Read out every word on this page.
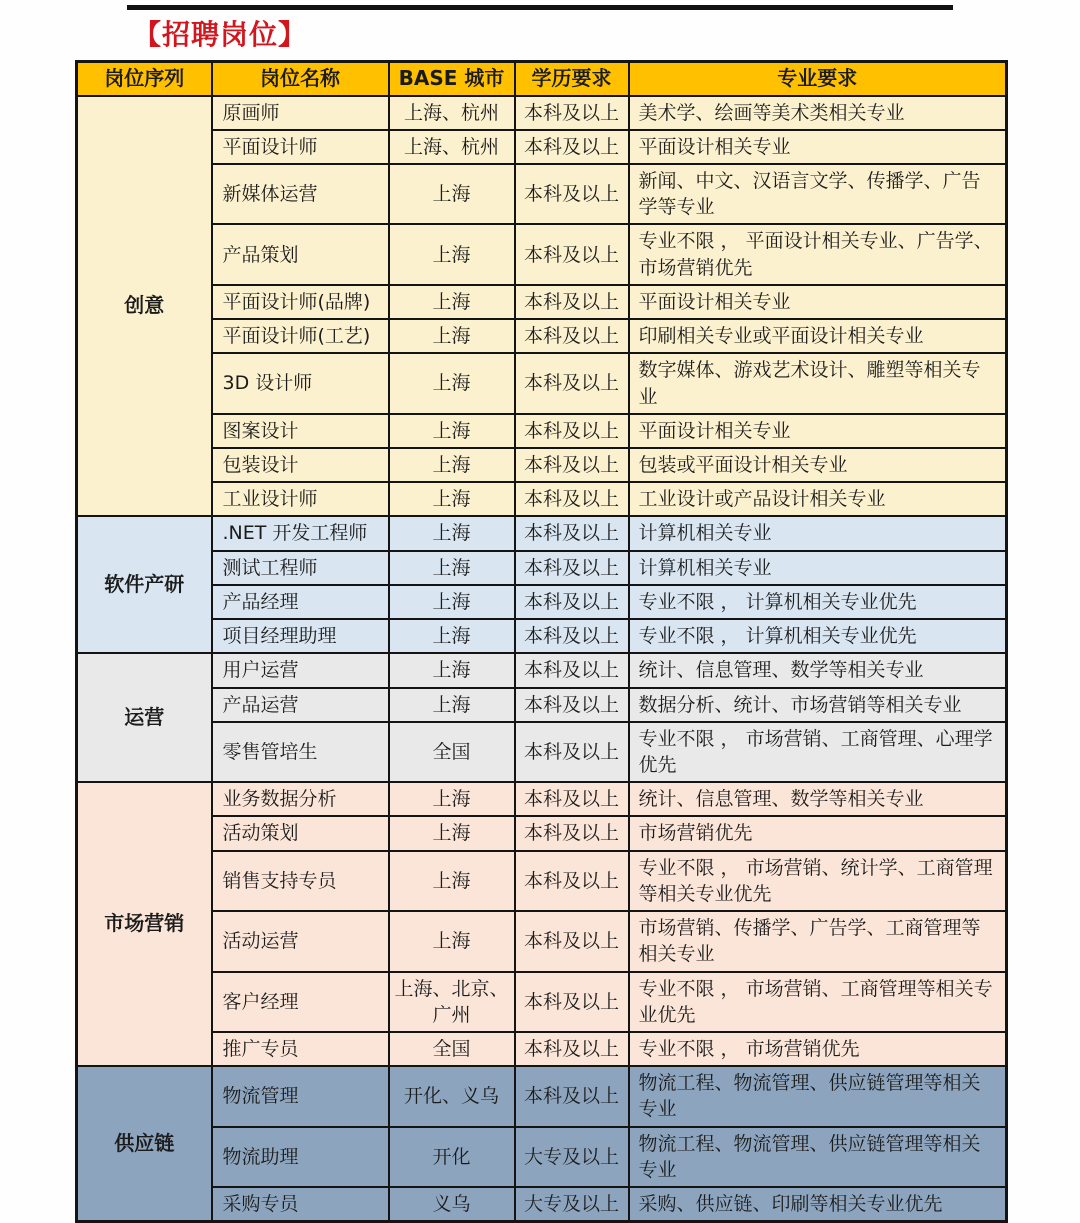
【招聘岗位】
岗位序列	岗位名称	BASE 城市	学历要求	专业要求
创意	原画师	上海、杭州	本科及以上	美术学、绘画等美术类相关专业
	平面设计师	上海、杭州	本科及以上	平面设计相关专业
	新媒体运营	上海	本科及以上	新闻、中文、汉语言文学、传播学、广告学等专业
	产品策划	上海	本科及以上	专业不限 ， 平面设计相关专业、广告学、市场营销优先
	平面设计师(品牌)	上海	本科及以上	平面设计相关专业
	平面设计师(工艺)	上海	本科及以上	印刷相关专业或平面设计相关专业
	3D 设计师	上海	本科及以上	数字媒体、游戏艺术设计、雕塑等相关专业
	图案设计	上海	本科及以上	平面设计相关专业
	包装设计	上海	本科及以上	包装或平面设计相关专业
	工业设计师	上海	本科及以上	工业设计或产品设计相关专业
软件产研	.NET 开发工程师	上海	本科及以上	计算机相关专业
	测试工程师	上海	本科及以上	计算机相关专业
	产品经理	上海	本科及以上	专业不限 ， 计算机相关专业优先
	项目经理助理	上海	本科及以上	专业不限 ， 计算机相关专业优先
运营	用户运营	上海	本科及以上	统计、信息管理、数学等相关专业
	产品运营	上海	本科及以上	数据分析、统计、市场营销等相关专业
	零售管培生	全国	本科及以上	专业不限 ， 市场营销、工商管理、心理学优先
市场营销	业务数据分析	上海	本科及以上	统计、信息管理、数学等相关专业
	活动策划	上海	本科及以上	市场营销优先
	销售支持专员	上海	本科及以上	专业不限 ， 市场营销、统计学、工商管理等相关专业优先
	活动运营	上海	本科及以上	市场营销、传播学、广告学、工商管理等相关专业
	客户经理	上海、北京、广州	本科及以上	专业不限 ， 市场营销、工商管理等相关专业优先
	推广专员	全国	本科及以上	专业不限 ， 市场营销优先
供应链	物流管理	开化、义乌	本科及以上	物流工程、物流管理、供应链管理等相关专业
	物流助理	开化	大专及以上	物流工程、物流管理、供应链管理等相关专业
	采购专员	义乌	大专及以上	采购、供应链、印刷等相关专业优先
